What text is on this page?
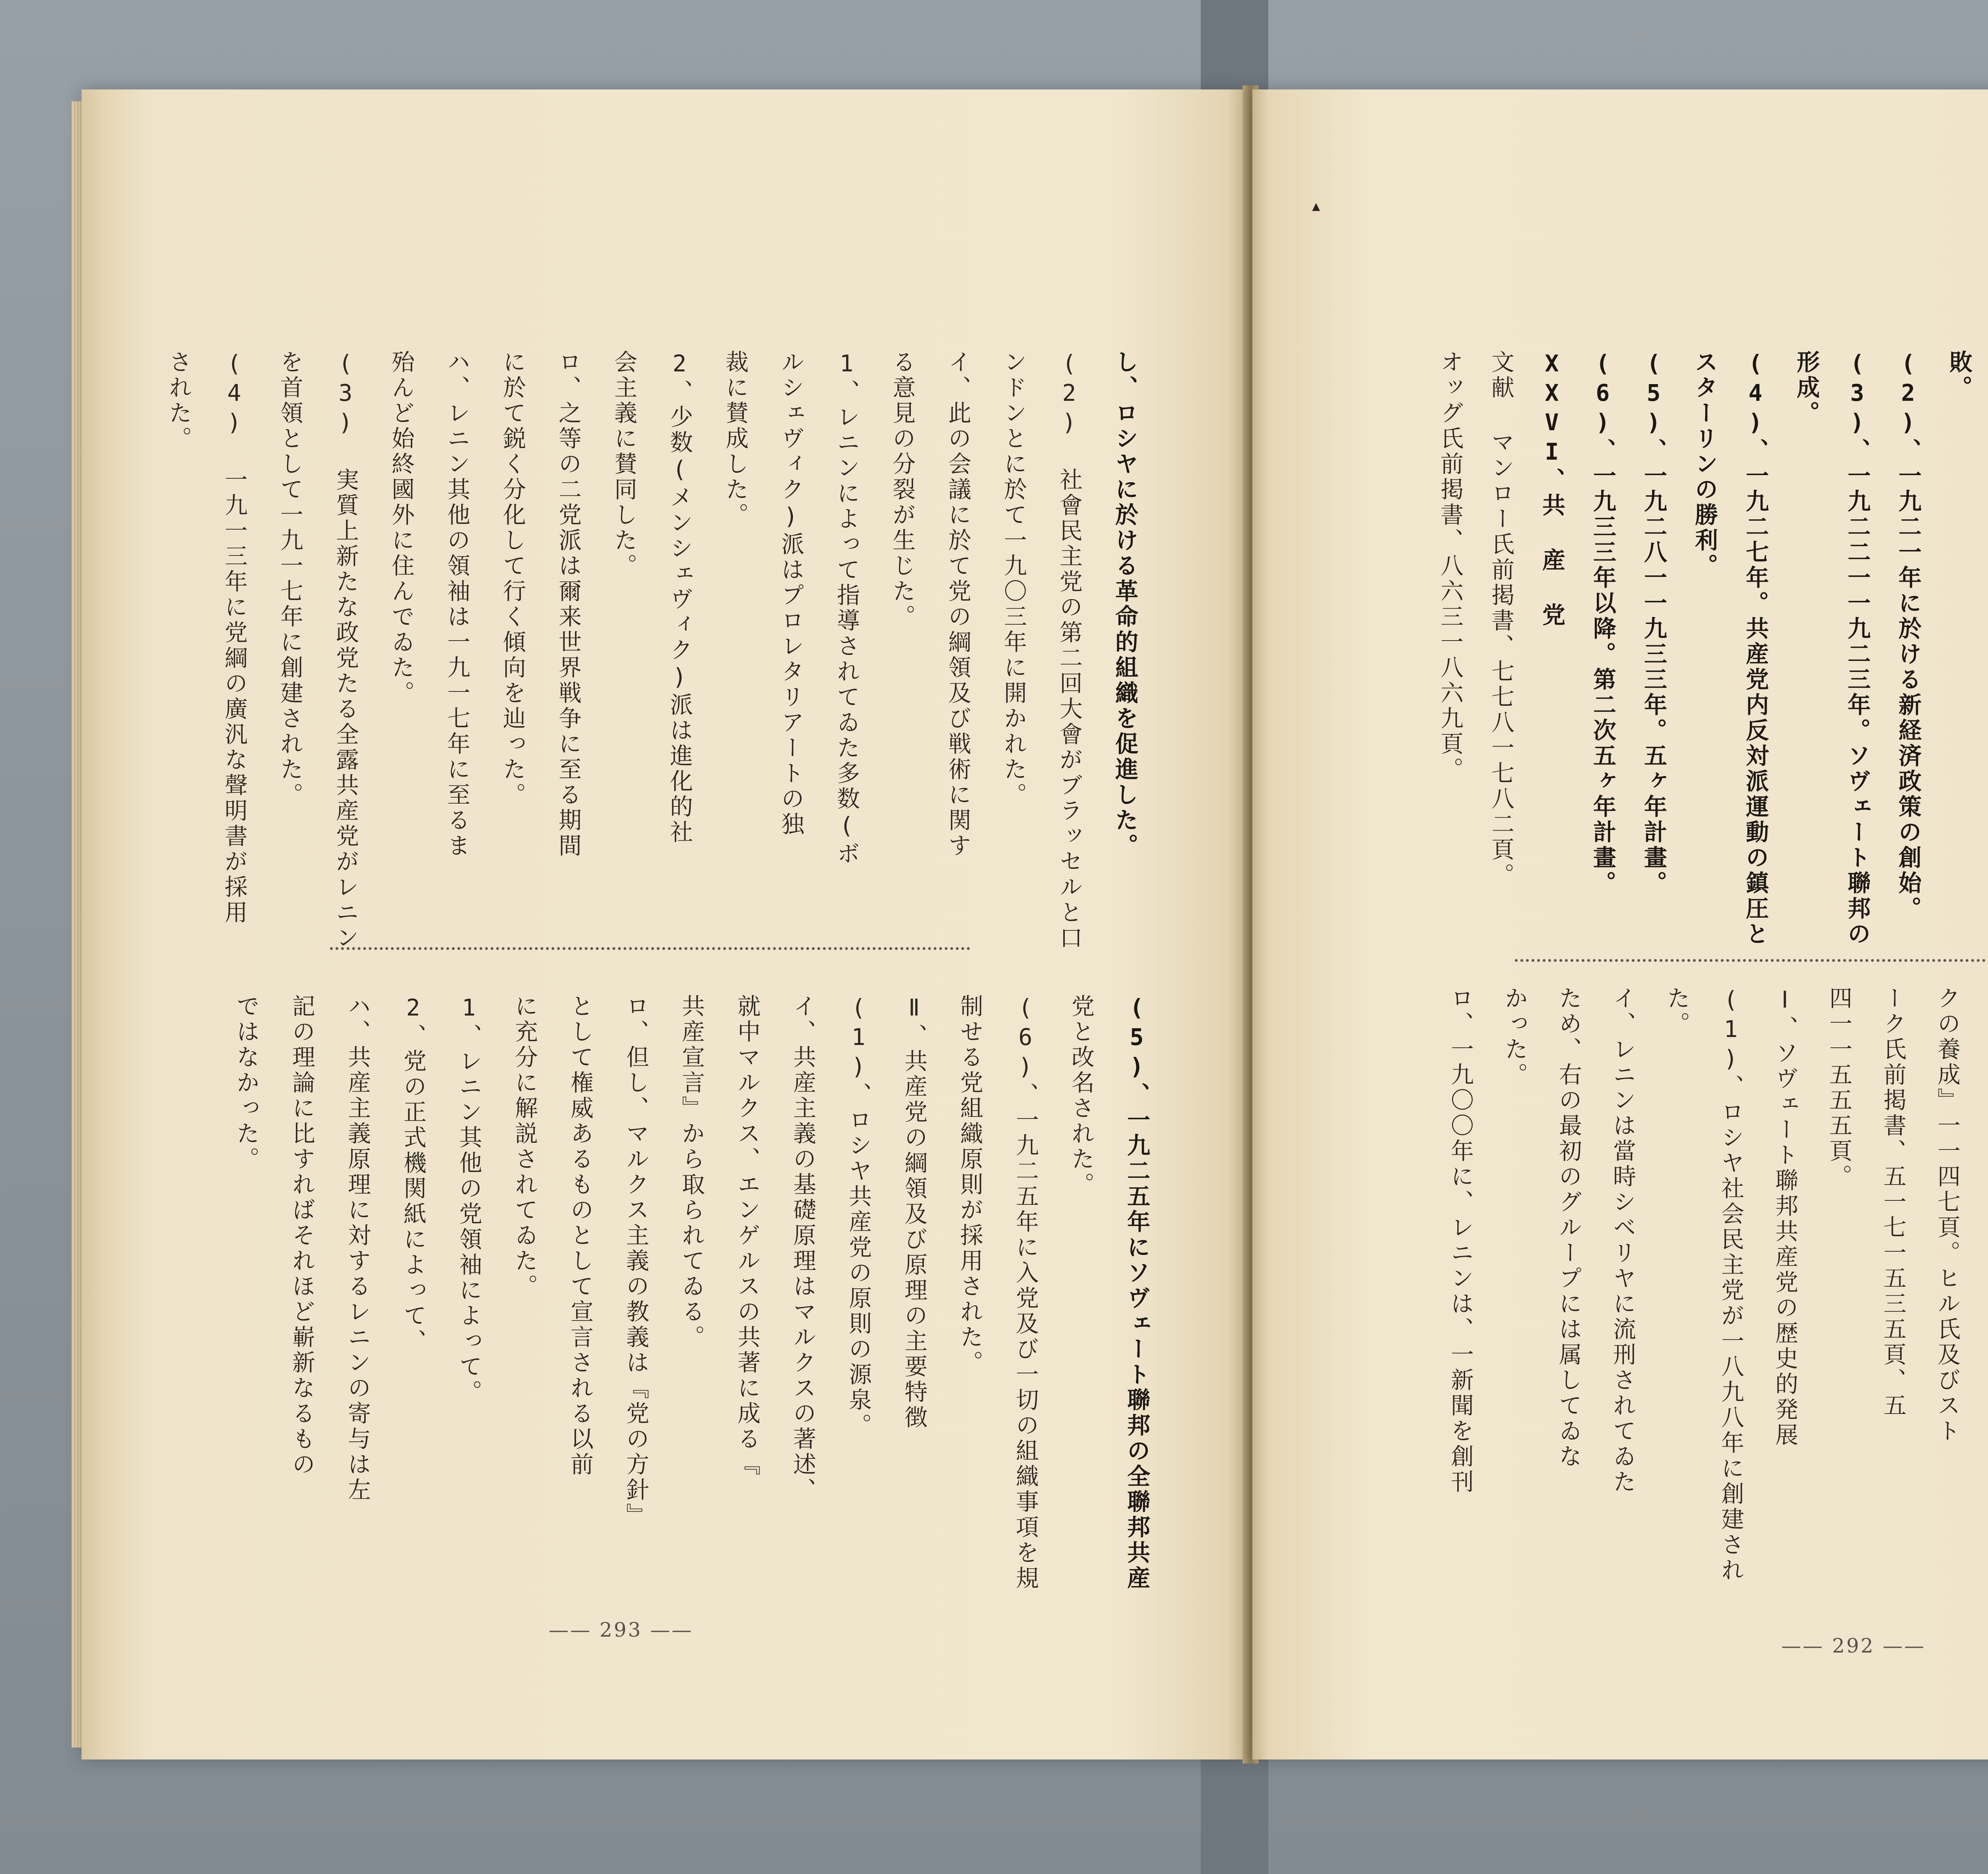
し、ロシヤに於ける革命的組織を促進した。
(2) 社會民主党の第二回大會がブラッセルと口
ンドンとに於て一九〇三年に開かれた。
イ、此の会議に於て党の綱領及び戦術に関す
る意見の分裂が生じた。
1、レニンによって指導されてゐた多数(ボ
ルシェヴィク)派はプロレタリアートの独
裁に賛成した。
2、少数(メンシェヴィク)派は進化的社
会主義に賛同した。
ロ、之等の二党派は爾来世界戦争に至る期間
に於て鋭く分化して行く傾向を辿った。
ハ、レニン其他の領袖は一九一七年に至るま
殆んど始終國外に住んでゐた。
(3) 実質上新たな政党たる全露共産党がレニン
を首領として一九一七年に創建された。
(4) 一九一三年に党綱の廣汎な聲明書が採用
された。
(5)、一九二五年にソヴェート聯邦の全聯邦共産
党と改名された。
(6)、一九二五年に入党及び一切の組織事項を規
制せる党組織原則が採用された。
Ⅱ、共産党の綱領及び原理の主要特徴
(1)、ロシヤ共産党の原則の源泉。
イ、共産主義の基礎原理はマルクスの著述、
就中マルクス、エンゲルスの共著に成る『
共産宣言』から取られてゐる。
ロ、但し、マルクス主義の教義は『党の方針』
として権威あるものとして宣言される以前
に充分に解説されてゐた。
1、レニン其他の党領袖によって。
2、党の正式機関紙によって、
ハ、共産主義原理に対するレニンの寄与は左
記の理論に比すればそれほど嶄新なるもの
ではなかった。
—— 293 ——
敗。
(2)、一九二一年に於ける新経済政策の創始。
(3)、一九二二一一九二三年。ソヴェート聯邦の
形成。
(4)、一九二七年。共産党内反対派運動の鎮圧と
スターリンの勝利。
(5)、一九二八一一九三三年。五ヶ年計畫。
(6)、一九三三年以降。第二次五ヶ年計畫。
XXVI、共 産 党
文献 マンロー氏前掲書、七七八一七八二頁。
オッグ氏前掲書、八六三一八六九頁。
クの養成』一一四七頁。ヒル氏及びスト
ーク氏前掲書、五一七一五三五頁、五
四一一五五五頁。
Ⅰ、ソヴェート聯邦共産党の歴史的発展
(1)、ロシヤ社会民主党が一八九八年に創建され
た。
イ、レニンは當時シベリヤに流刑されてゐた
ため、右の最初のグループには属してゐな
かった。
ロ、一九〇〇年に、レニンは、一新聞を創刊
—— 292 ——
▴
